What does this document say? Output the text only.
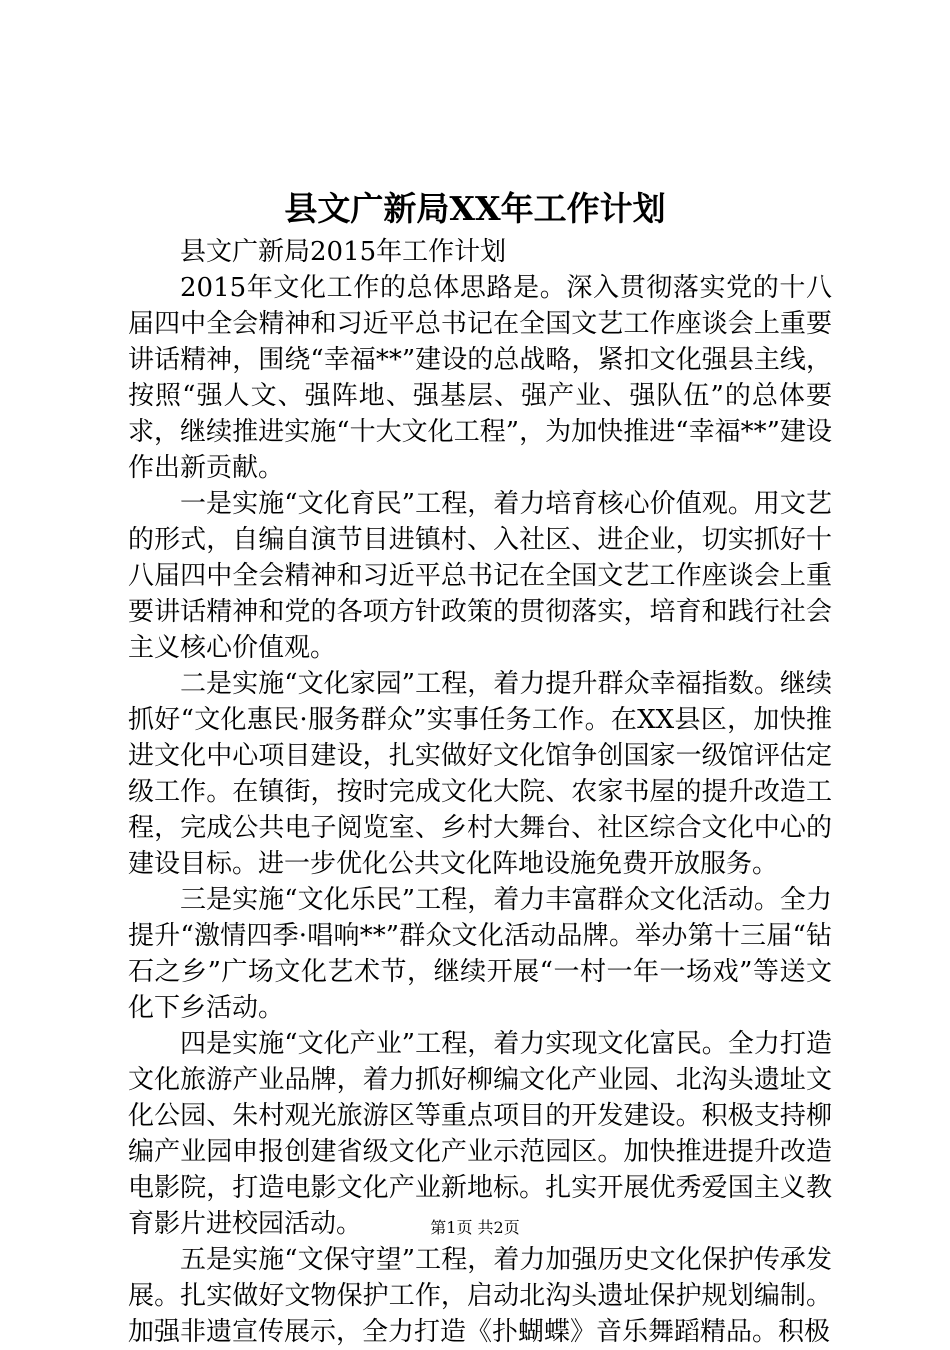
县文广新局XX年工作计划

县文广新局2015年工作计划

2015年文化工作的总体思路是。深入贯彻落实党的十八届四中全会精神和习近平总书记在全国文艺工作座谈会上重要讲话精神，围绕“幸福**”建设的总战略，紧扣文化强县主线，按照“强人文、强阵地、强基层、强产业、强队伍”的总体要求，继续推进实施“十大文化工程”，为加快推进“幸福**”建设作出新贡献。

一是实施“文化育民”工程，着力培育核心价值观。用文艺的形式，自编自演节目进镇村、入社区、进企业，切实抓好十八届四中全会精神和习近平总书记在全国文艺工作座谈会上重要讲话精神和党的各项方针政策的贯彻落实，培育和践行社会主义核心价值观。

二是实施“文化家园”工程，着力提升群众幸福指数。继续抓好“文化惠民·服务群众”实事任务工作。在XX县区，加快推进文化中心项目建设，扎实做好文化馆争创国家一级馆评估定级工作。在镇街，按时完成文化大院、农家书屋的提升改造工程，完成公共电子阅览室、乡村大舞台、社区综合文化中心的建设目标。进一步优化公共文化阵地设施免费开放服务。

三是实施“文化乐民”工程，着力丰富群众文化活动。全力提升“激情四季·唱响**”群众文化活动品牌。举办第十三届“钻石之乡”广场文化艺术节，继续开展“一村一年一场戏”等送文化下乡活动。

四是实施“文化产业”工程，着力实现文化富民。全力打造文化旅游产业品牌，着力抓好柳编文化产业园、北沟头遗址文化公园、朱村观光旅游区等重点项目的开发建设。积极支持柳编产业园申报创建省级文化产业示范园区。加快推进提升改造电影院，打造电影文化产业新地标。扎实开展优秀爱国主义教育影片进校园活动。

五是实施“文保守望”工程，着力加强历史文化保护传承发展。扎实做好文物保护工作，启动北沟头遗址保护规划编制。加强非遗宣传展示，全力打造《扑蝴蝶》音乐舞蹈精品。积极

第1页 共2页
